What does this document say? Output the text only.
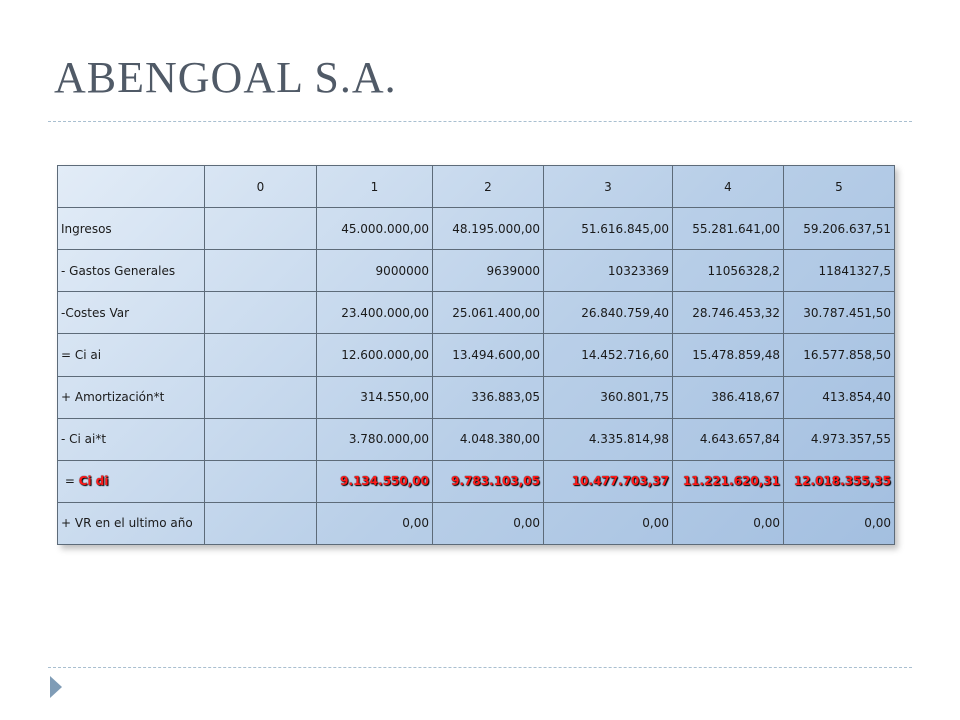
ABENGOAL S.A.
	0	1	2	3	4	5
Ingresos		45.000.000,00	48.195.000,00	51.616.845,00	55.281.641,00	59.206.637,51
- Gastos Generales		9000000	9639000	10323369	11056328,2	11841327,5
-Costes Var		23.400.000,00	25.061.400,00	26.840.759,40	28.746.453,32	30.787.451,50
= Ci ai		12.600.000,00	13.494.600,00	14.452.716,60	15.478.859,48	16.577.858,50
+ Amortización*t		314.550,00	336.883,05	360.801,75	386.418,67	413.854,40
- Ci ai*t		3.780.000,00	4.048.380,00	4.335.814,98	4.643.657,84	4.973.357,55
= Ci di		9.134.550,00	9.783.103,05	10.477.703,37	11.221.620,31	12.018.355,35
+ VR en el ultimo año		0,00	0,00	0,00	0,00	0,00
